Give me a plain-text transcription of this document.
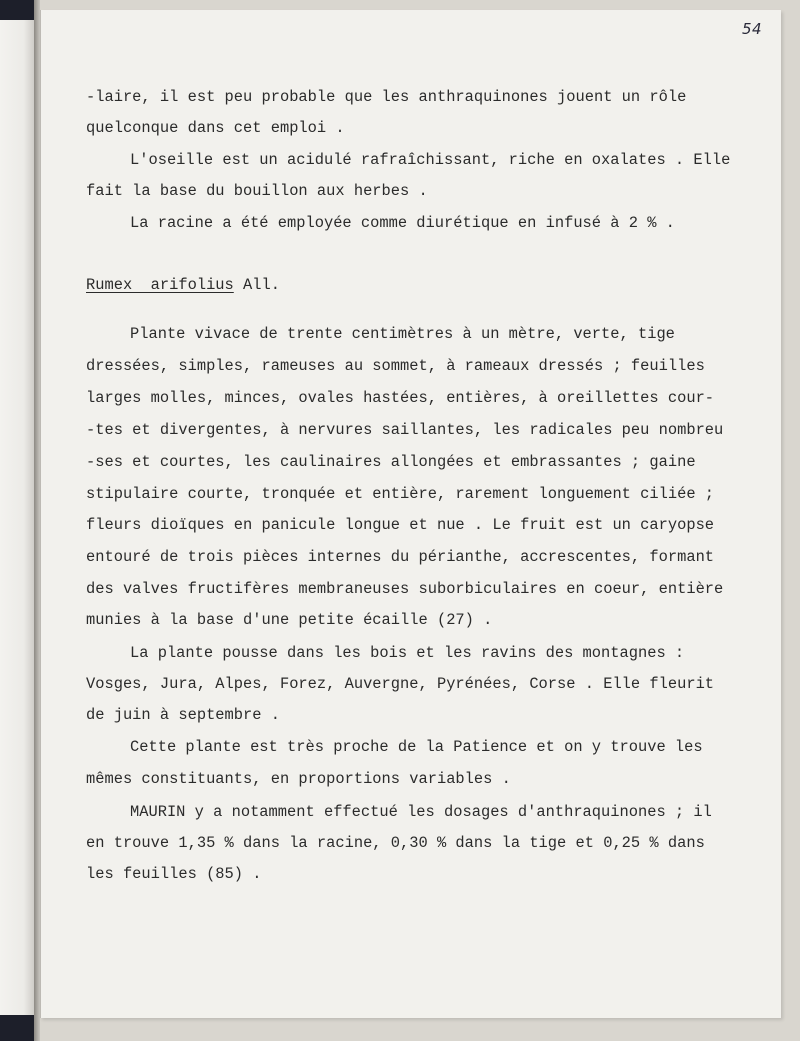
54
-laire, il est peu probable que les anthraquinones jouent un rôle
quelconque dans cet emploi .
L'oseille est un acidulé rafraîchissant, riche en oxalates . Elle
fait la base du bouillon aux herbes .
La racine a été employée comme diurétique en infusé à 2 % .
Rumex  arifolius All.
Plante vivace de trente centimètres à un mètre, verte, tige
dressées, simples, rameuses au sommet, à rameaux dressés ; feuilles
larges molles, minces, ovales hastées, entières, à oreillettes cour-
-tes et divergentes, à nervures saillantes, les radicales peu nombreu
-ses et courtes, les caulinaires allongées et embrassantes ; gaine
stipulaire courte, tronquée et entière, rarement longuement ciliée ;
fleurs dioïques en panicule longue et nue . Le fruit est un caryopse
entouré de trois pièces internes du périanthe, accrescentes, formant
des valves fructifères membraneuses suborbiculaires en coeur, entière
munies à la base d'une petite écaille (27) .
La plante pousse dans les bois et les ravins des montagnes :
Vosges, Jura, Alpes, Forez, Auvergne, Pyrénées, Corse . Elle fleurit
de juin à septembre .
Cette plante est très proche de la Patience et on y trouve les
mêmes constituants, en proportions variables .
MAURIN y a notamment effectué les dosages d'anthraquinones ; il
en trouve 1,35 % dans la racine, 0,30 % dans la tige et 0,25 % dans
les feuilles (85) .
